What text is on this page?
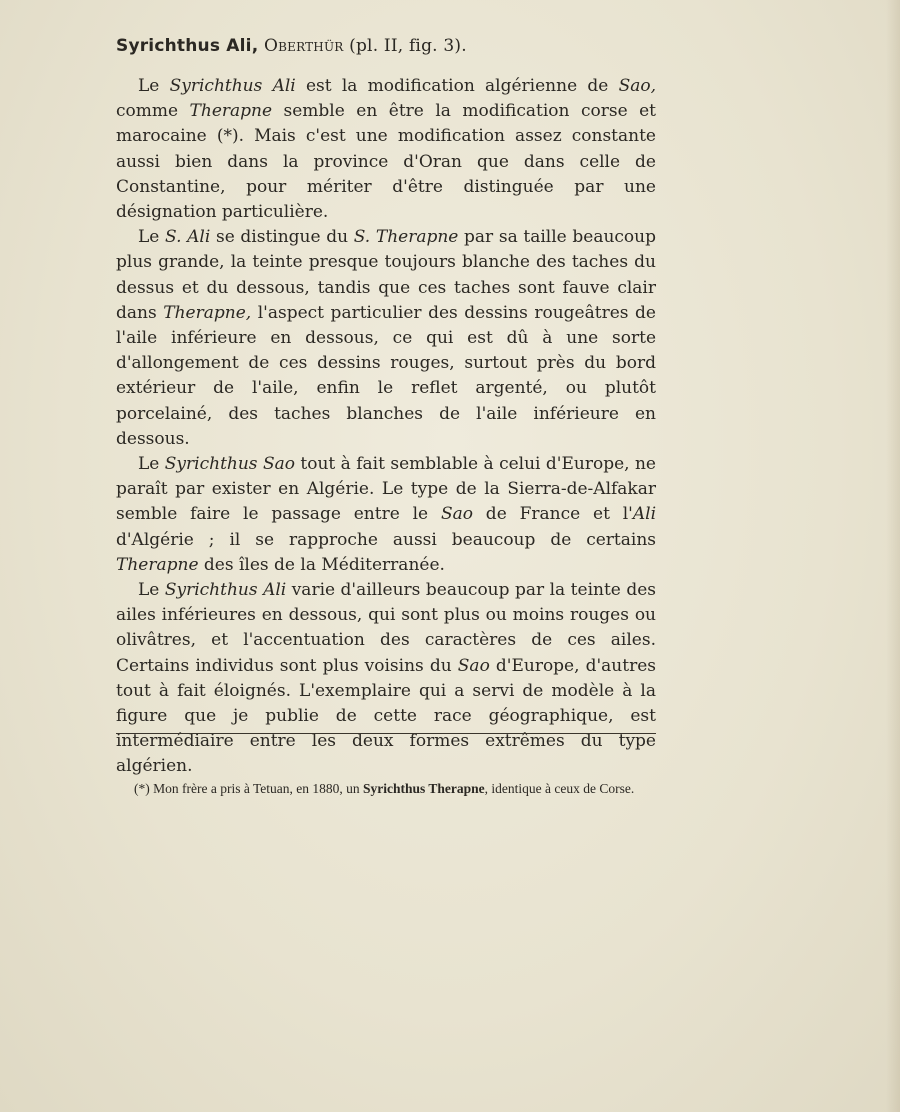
Syrichthus Ali, Oberthür (pl. II, fig. 3).

Le Syrichthus Ali est la modification algérienne de Sao, comme Therapne semble en être la modification corse et marocaine (*). Mais c'est une modification assez constante aussi bien dans la province d'Oran que dans celle de Constantine, pour mériter d'être distinguée par une désignation particulière.

Le S. Ali se distingue du S. Therapne par sa taille beaucoup plus grande, la teinte presque toujours blanche des taches du dessus et du dessous, tandis que ces taches sont fauve clair dans Therapne, l'aspect particulier des dessins rougeâtres de l'aile inférieure en dessous, ce qui est dû à une sorte d'allongement de ces dessins rouges, surtout près du bord extérieur de l'aile, enfin le reflet argenté, ou plutôt porcelainé, des taches blanches de l'aile inférieure en dessous.

Le Syrichthus Sao tout à fait semblable à celui d'Europe, ne paraît par exister en Algérie. Le type de la Sierra-de-Alfakar semble faire le passage entre le Sao de France et l'Ali d'Algérie ; il se rapproche aussi beaucoup de certains Therapne des îles de la Méditerranée.

Le Syrichthus Ali varie d'ailleurs beaucoup par la teinte des ailes inférieures en dessous, qui sont plus ou moins rouges ou olivâtres, et l'accentuation des caractères de ces ailes. Certains individus sont plus voisins du Sao d'Europe, d'autres tout à fait éloignés. L'exemplaire qui a servi de modèle à la figure que je publie de cette race géographique, est intermédiaire entre les deux formes extrêmes du type algérien.

(*) Mon frère a pris à Tetuan, en 1880, un Syrichthus Therapne, identique à ceux de Corse.
